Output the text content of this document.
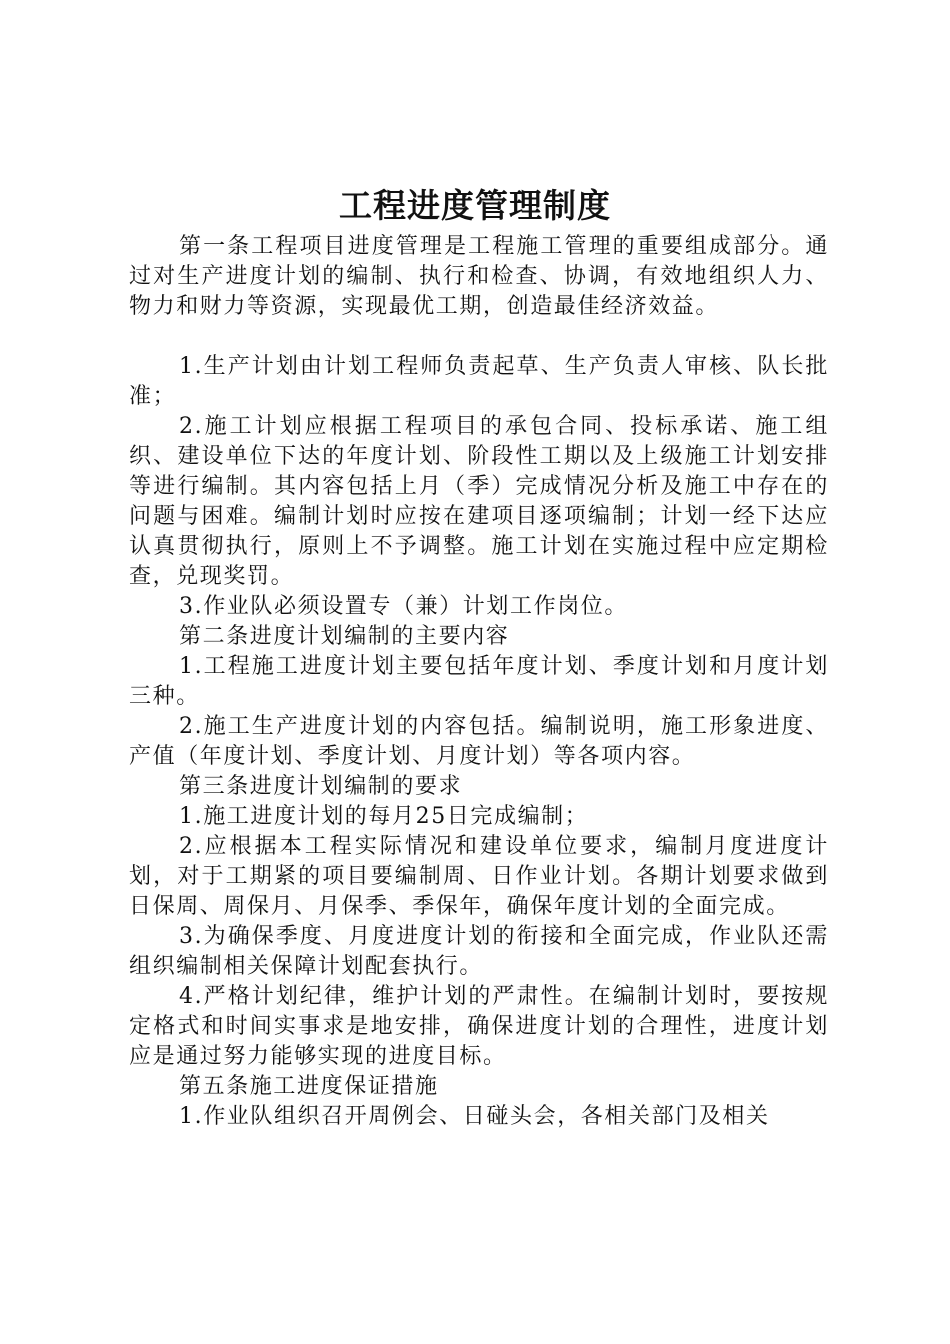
工程进度管理制度

第一条工程项目进度管理是工程施工管理的重要组成部分。通过对生产进度计划的编制、执行和检查、协调，有效地组织人力、物力和财力等资源，实现最优工期，创造最佳经济效益。

1.生产计划由计划工程师负责起草、生产负责人审核、队长批准；

2.施工计划应根据工程项目的承包合同、投标承诺、施工组织、建设单位下达的年度计划、阶段性工期以及上级施工计划安排等进行编制。其内容包括上月（季）完成情况分析及施工中存在的问题与困难。编制计划时应按在建项目逐项编制；计划一经下达应认真贯彻执行，原则上不予调整。施工计划在实施过程中应定期检查，兑现奖罚。

3.作业队必须设置专（兼）计划工作岗位。

第二条进度计划编制的主要内容

1.工程施工进度计划主要包括年度计划、季度计划和月度计划三种。

2.施工生产进度计划的内容包括。编制说明，施工形象进度、产值（年度计划、季度计划、月度计划）等各项内容。

第三条进度计划编制的要求

1.施工进度计划的每月25日完成编制；

2.应根据本工程实际情况和建设单位要求，编制月度进度计划，对于工期紧的项目要编制周、日作业计划。各期计划要求做到日保周、周保月、月保季、季保年，确保年度计划的全面完成。

3.为确保季度、月度进度计划的衔接和全面完成，作业队还需组织编制相关保障计划配套执行。

4.严格计划纪律，维护计划的严肃性。在编制计划时，要按规定格式和时间实事求是地安排，确保进度计划的合理性，进度计划应是通过努力能够实现的进度目标。

第五条施工进度保证措施

1.作业队组织召开周例会、日碰头会，各相关部门及相关
